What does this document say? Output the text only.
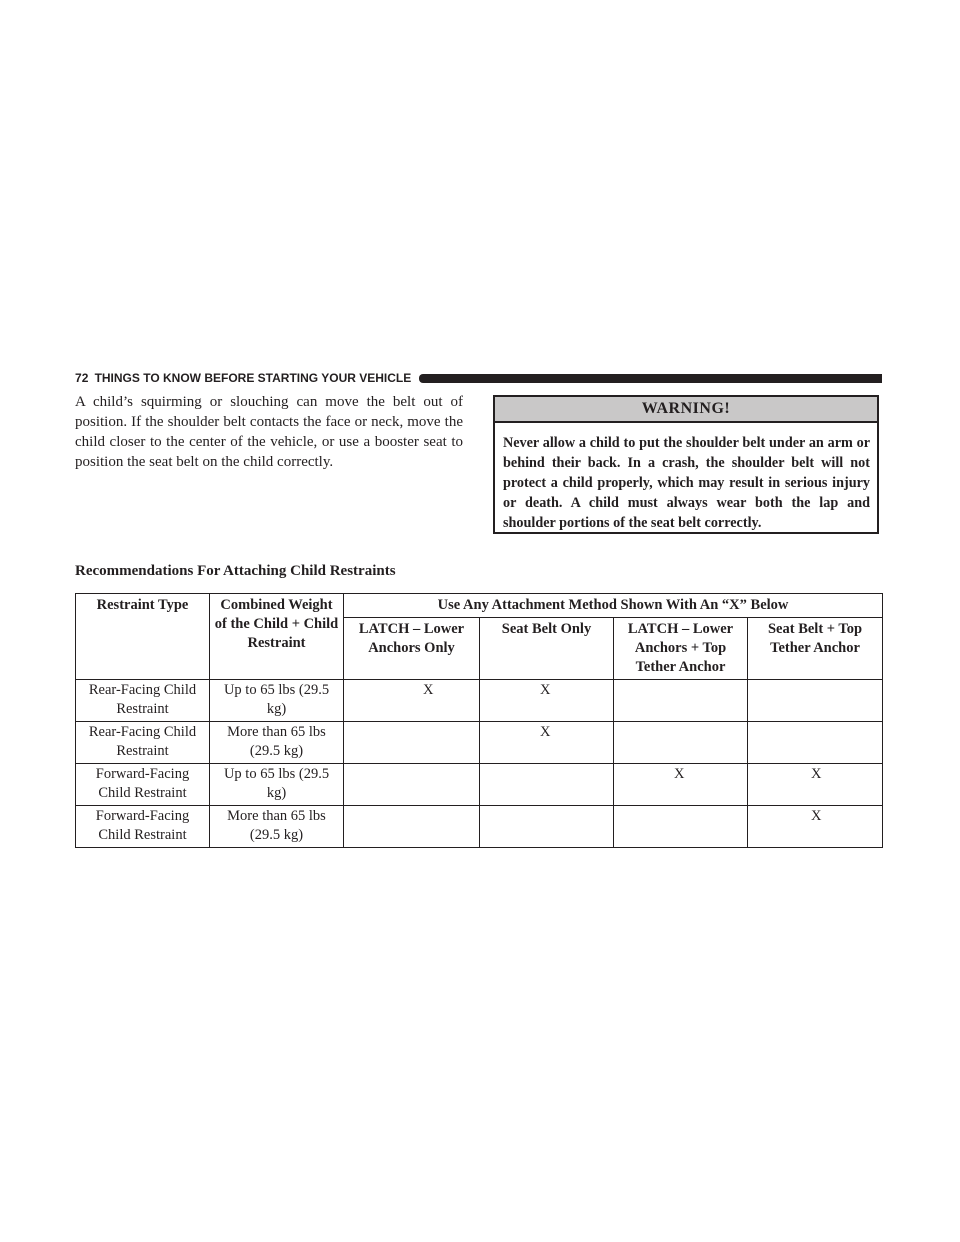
72 THINGS TO KNOW BEFORE STARTING YOUR VEHICLE

A child’s squirming or slouching can move the belt out of position. If the shoulder belt contacts the face or neck, move the child closer to the center of the vehicle, or use a booster seat to position the seat belt on the child correctly.

WARNING!
Never allow a child to put the shoulder belt under an arm or behind their back. In a crash, the shoulder belt will not protect a child properly, which may result in serious injury or death. A child must always wear both the lap and shoulder portions of the seat belt correctly.
Recommendations For Attaching Child Restraints
Restraint Type	Combined Weight of the Child + Child Restraint	Use Any Attachment Method Shown With An “X” Below			
		LATCH – Lower Anchors Only	Seat Belt Only	LATCH – Lower Anchors + Top Tether Anchor	Seat Belt + Top Tether Anchor
Rear-Facing Child Restraint	Up to 65 lbs (29.5 kg)	X	X		

Rear-Facing Child Restraint	More than 65 lbs (29.5 kg)		X		

Forward-Facing Child Restraint	Up to 65 lbs (29.5 kg)			X	X

Forward-Facing Child Restraint	More than 65 lbs (29.5 kg)				X
